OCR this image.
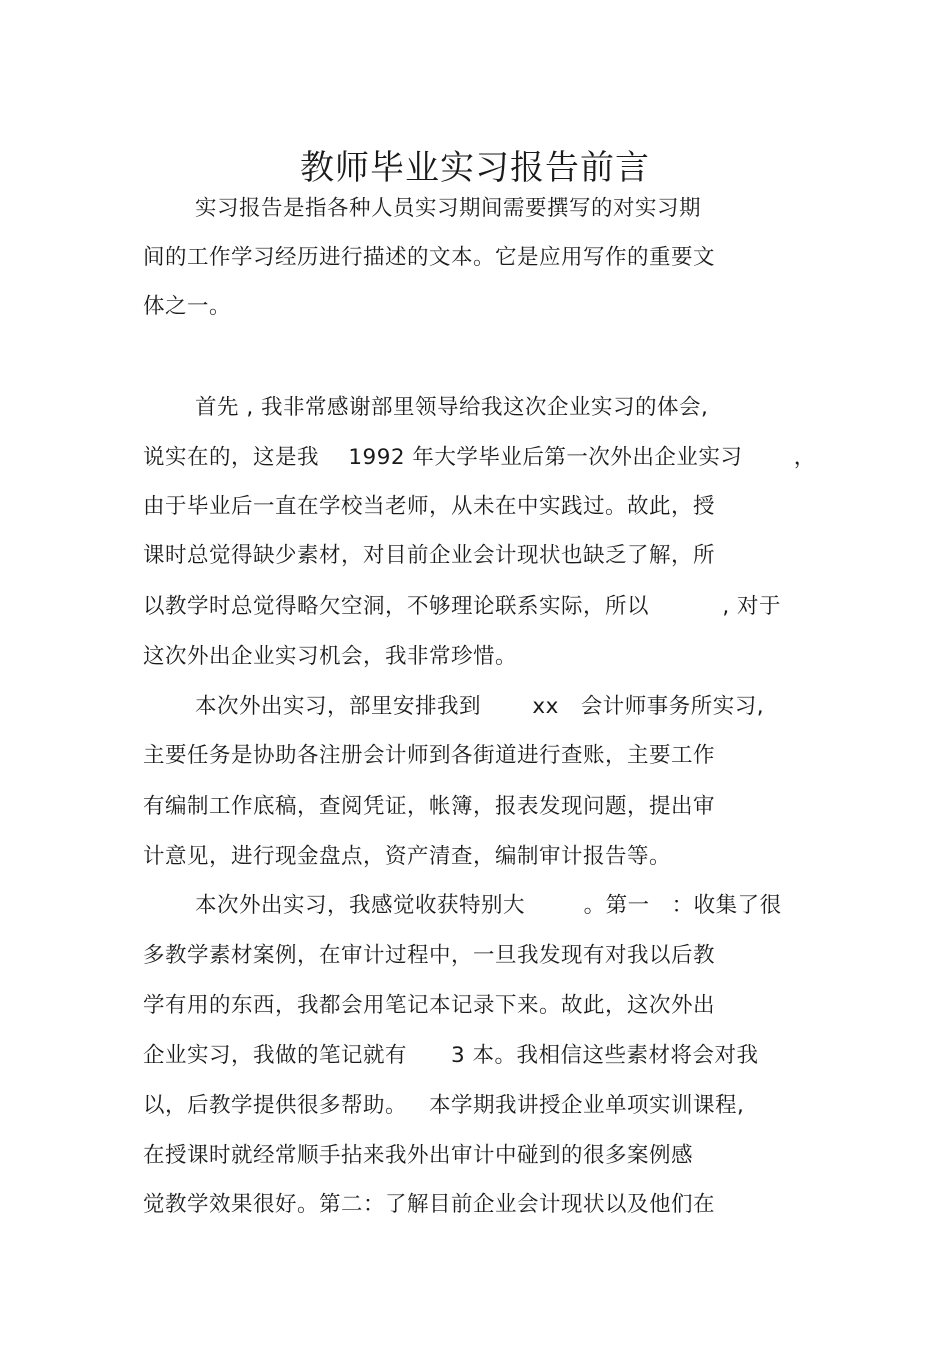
教师毕业实习报告前言
实习报告是指各种人员实习期间需要撰写的对实习期
间的工作学习经历进行描述的文本。它是应用写作的重要文
体之一。
首先 , 我非常感谢部里领导给我这次企业实习的体会,
说实在的，这是我    1992 年大学毕业后第一次外出企业实习       ，
由于毕业后一直在学校当老师，从未在中实践过。故此，授
课时总觉得缺少素材，对目前企业会计现状也缺乏了解，所
以教学时总觉得略欠空洞，不够理论联系实际，所以          , 对于
这次外出企业实习机会，我非常珍惜。
本次外出实习，部里安排我到       xx   会计师事务所实习,
主要任务是协助各注册会计师到各街道进行查账，主要工作
有编制工作底稿，查阅凭证，帐簿，报表发现问题，提出审
计意见，进行现金盘点，资产清查，编制审计报告等。
本次外出实习，我感觉收获特别大        。第一   ：收集了很
多教学素材案例，在审计过程中，一旦我发现有对我以后教
学有用的东西，我都会用笔记本记录下来。故此，这次外出
企业实习，我做的笔记就有      3 本。我相信这些素材将会对我
以，后教学提供很多帮助。   本学期我讲授企业单项实训课程,
在授课时就经常顺手拈来我外出审计中碰到的很多案例感
觉教学效果很好。第二：了解目前企业会计现状以及他们在
